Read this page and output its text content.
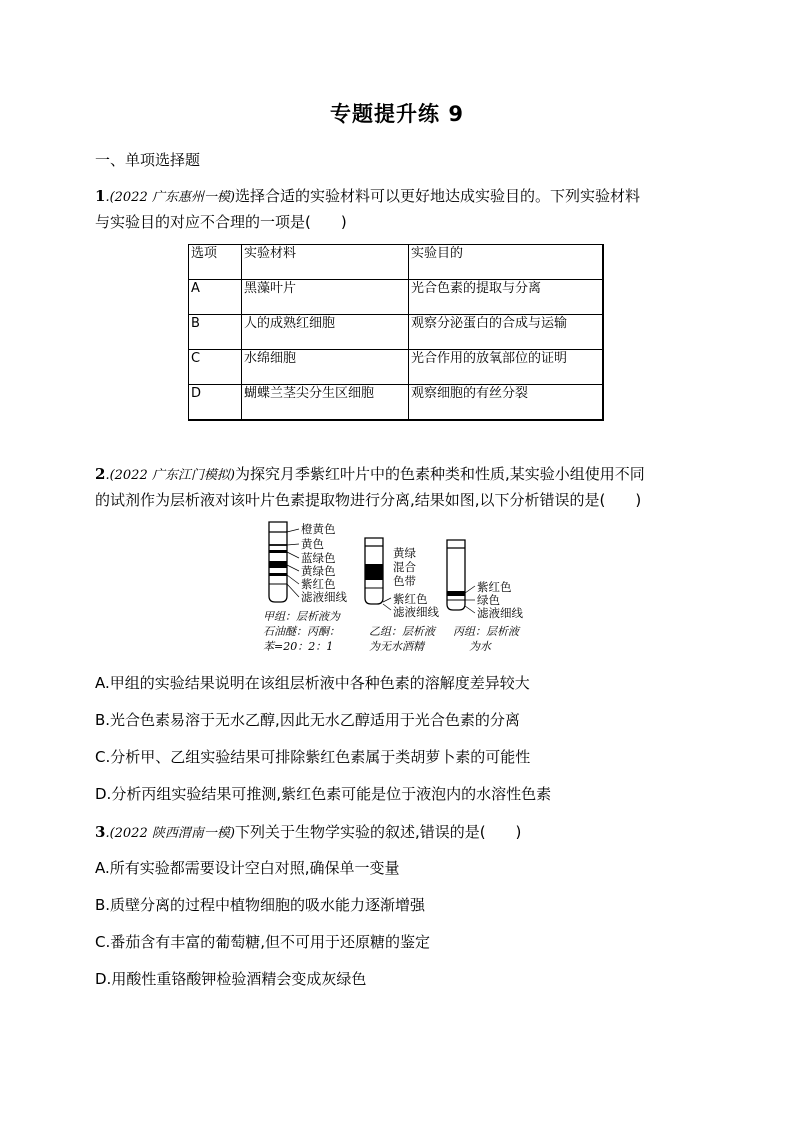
专题提升练 9
一、单项选择题
1.(2022 广东惠州一模)选择合适的实验材料可以更好地达成实验目的。下列实验材料
与实验目的对应不合理的一项是(　　)
选项	实验材料	实验目的
A	黑藻叶片	光合色素的提取与分离
B	人的成熟红细胞	观察分泌蛋白的合成与运输
C	水绵细胞	光合作用的放氧部位的证明
D	蝴蝶兰茎尖分生区细胞	观察细胞的有丝分裂
2.(2022 广东江门模拟)为探究月季紫红叶片中的色素种类和性质,某实验小组使用不同
的试剂作为层析液对该叶片色素提取物进行分离,结果如图,以下分析错误的是(　　)
橙黄色
黄色
蓝绿色
黄绿色
紫红色
滤液细线
甲组：层析液为
石油醚：丙酮：
苯=20：2：1
黄绿
混合
色带
紫红色
滤液细线
乙组：层析液
为无水酒精
紫红色
绿色
滤液细线
丙组：层析液
为水
A.甲组的实验结果说明在该组层析液中各种色素的溶解度差异较大
B.光合色素易溶于无水乙醇,因此无水乙醇适用于光合色素的分离
C.分析甲、乙组实验结果可排除紫红色素属于类胡萝卜素的可能性
D.分析丙组实验结果可推测,紫红色素可能是位于液泡内的水溶性色素
3.(2022 陕西渭南一模)下列关于生物学实验的叙述,错误的是(　　)
A.所有实验都需要设计空白对照,确保单一变量
B.质壁分离的过程中植物细胞的吸水能力逐渐增强
C.番茄含有丰富的葡萄糖,但不可用于还原糖的鉴定
D.用酸性重铬酸钾检验酒精会变成灰绿色
